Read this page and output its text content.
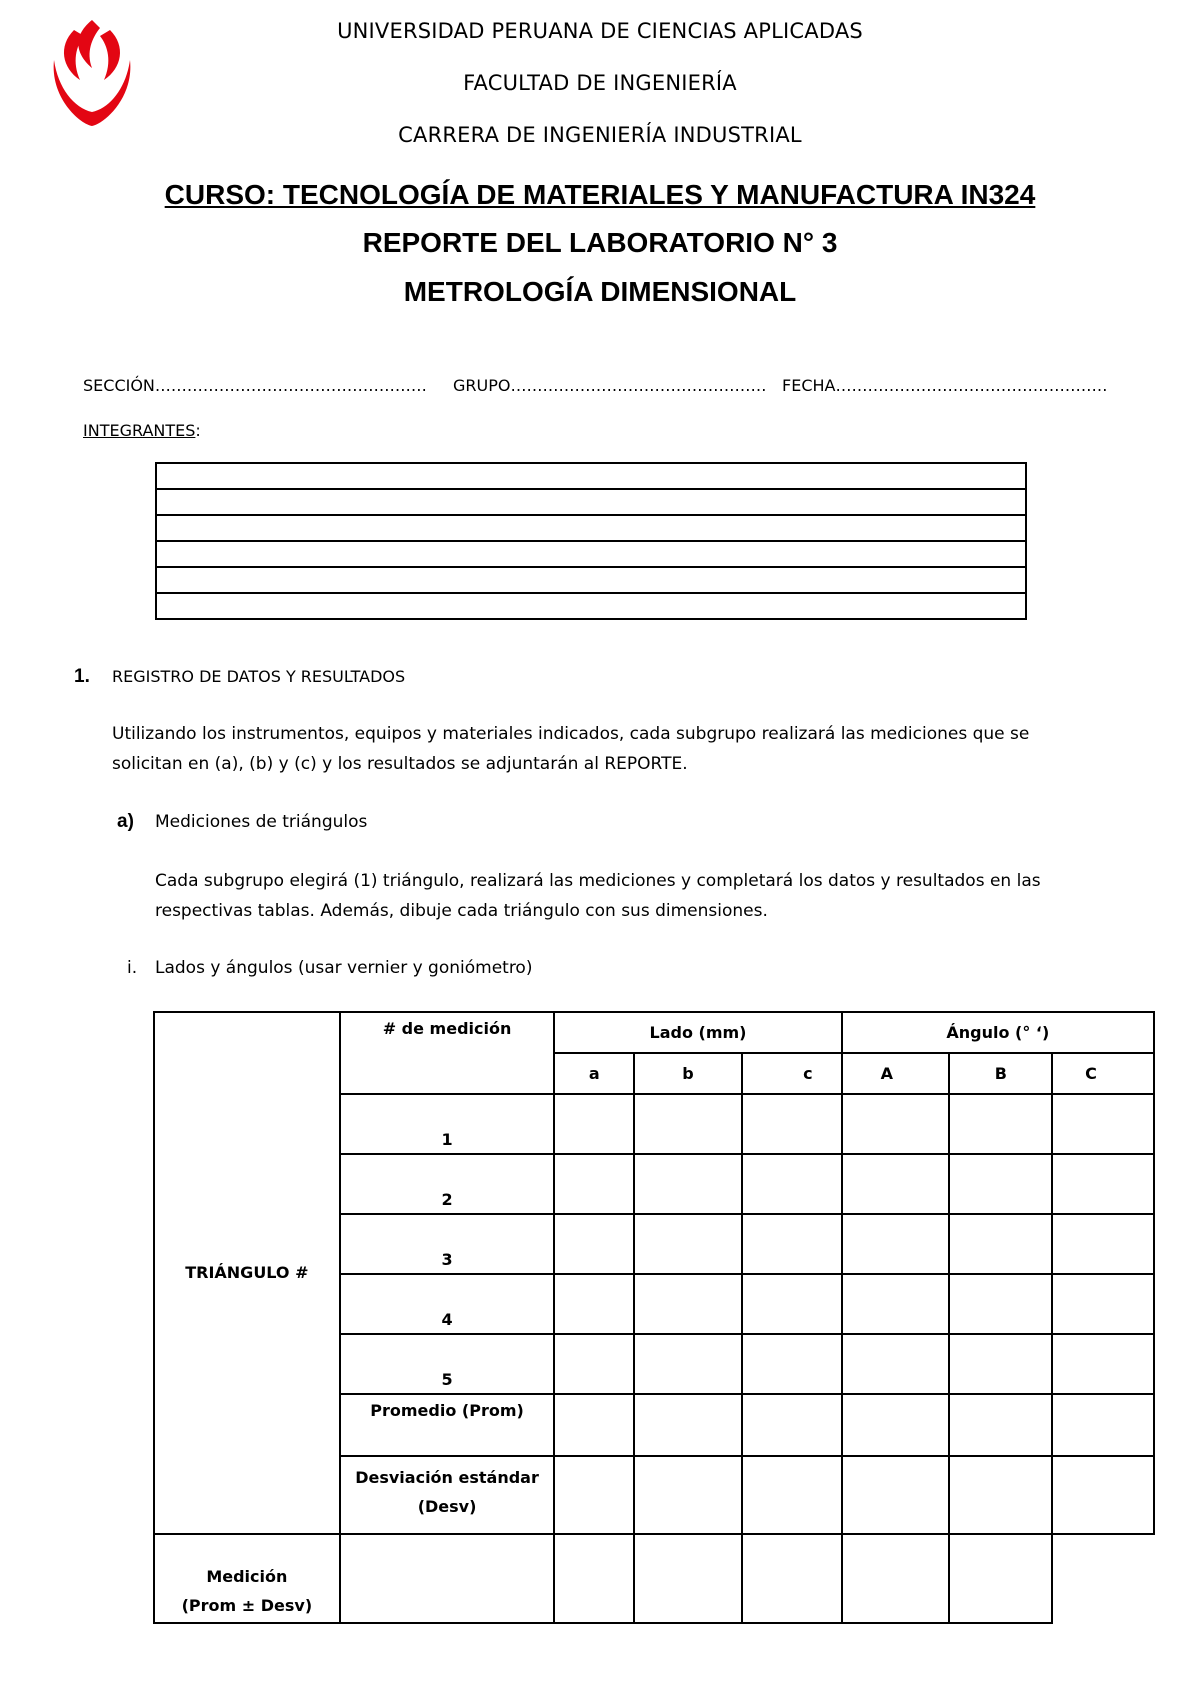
UNIVERSIDAD PERUANA DE CIENCIAS APLICADAS
FACULTAD DE INGENIERÍA
CARRERA DE INGENIERÍA INDUSTRIAL
CURSO: TECNOLOGÍA DE MATERIALES Y MANUFACTURA IN324
REPORTE DEL LABORATORIO N° 3
METROLOGÍA DIMENSIONAL
SECCIÓN…………………………………………… GRUPO………………………………………… FECHA……………………………………………
INTEGRANTES:

1. REGISTRO DE DATOS Y RESULTADOS
Utilizando los instrumentos, equipos y materiales indicados, cada subgrupo realizará las mediciones que se
solicitan en (a), (b) y (c) y los resultados se adjuntarán al REPORTE.
a) Mediciones de triángulos
Cada subgrupo elegirá (1) triángulo, realizará las mediciones y completará los datos y resultados en las
respectivas tablas. Además, dibuje cada triángulo con sus dimensiones.
i. Lados y ángulos (usar vernier y goniómetro)
TRIÁNGULO #	# de medición	Lado (mm)			Ángulo (° ‘)		
		a	b	c	A	B	C
	1						
	2						
	3						
	4						
	5						
	Promedio (Prom)						

	Desviación estándar
(Desv)						

Medición
(Prom ± Desv)							
